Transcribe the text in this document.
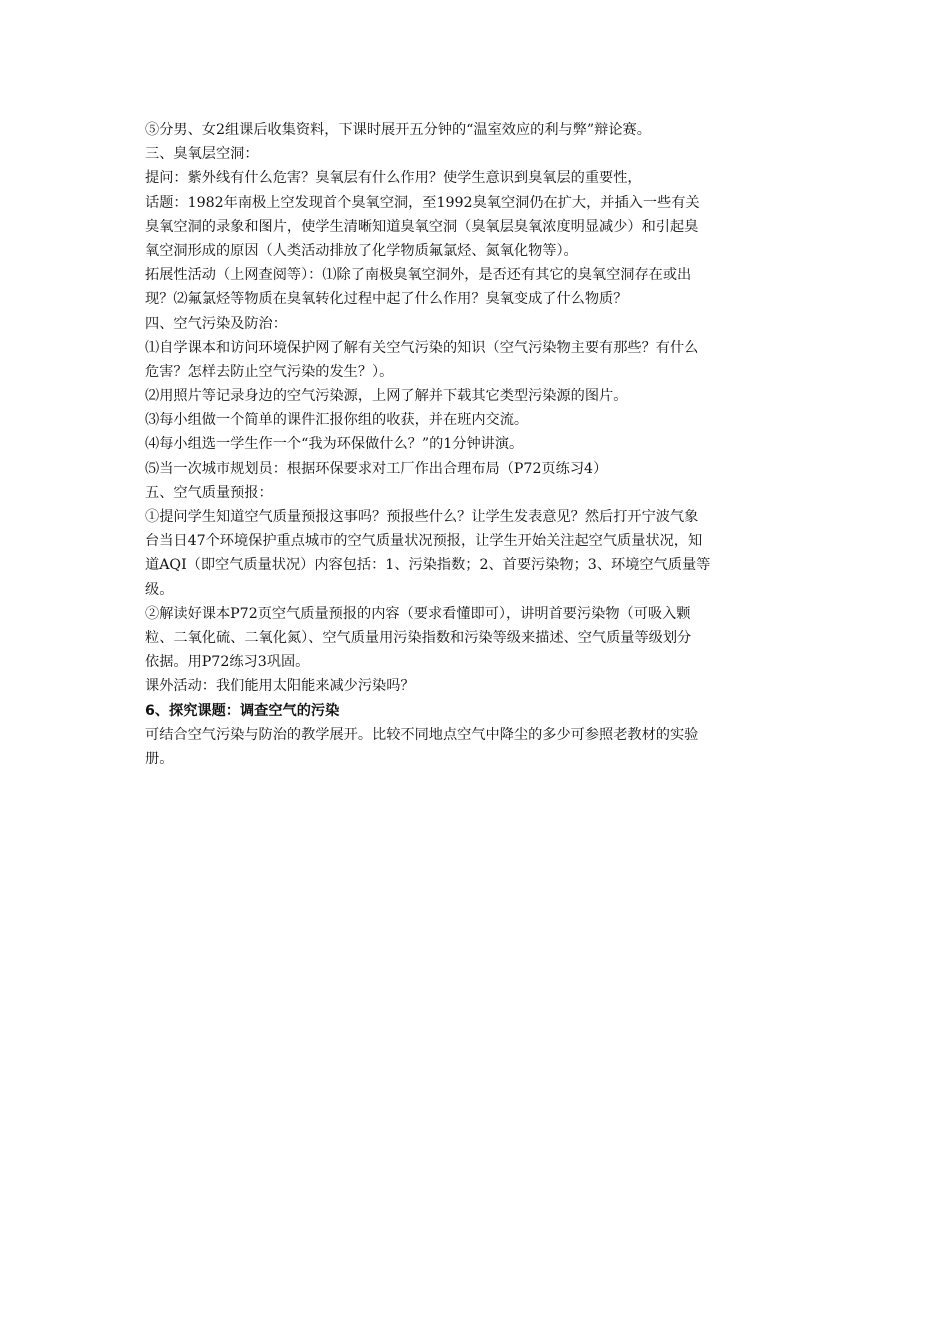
⑤分男、女2组课后收集资料，下课时展开五分钟的“温室效应的利与弊”辩论赛。
三、臭氧层空洞：
提问：紫外线有什么危害？臭氧层有什么作用？使学生意识到臭氧层的重要性，
话题：1982年南极上空发现首个臭氧空洞，至1992臭氧空洞仍在扩大，并插入一些有关
臭氧空洞的录象和图片，使学生清晰知道臭氧空洞（臭氧层臭氧浓度明显减少）和引起臭
氧空洞形成的原因（人类活动排放了化学物质氟氯烃、氮氧化物等）。
拓展性活动（上网查阅等）：⑴除了南极臭氧空洞外，是否还有其它的臭氧空洞存在或出
现？⑵氟氯烃等物质在臭氧转化过程中起了什么作用？臭氧变成了什么物质？
四、空气污染及防治：
⑴自学课本和访问环境保护网了解有关空气污染的知识（空气污染物主要有那些？有什么
危害？怎样去防止空气污染的发生？）。
⑵用照片等记录身边的空气污染源，上网了解并下载其它类型污染源的图片。
⑶每小组做一个简单的课件汇报你组的收获，并在班内交流。
⑷每小组选一学生作一个“我为环保做什么？”的1分钟讲演。
⑸当一次城市规划员：根据环保要求对工厂作出合理布局（P72页练习4）
五、空气质量预报：
①提问学生知道空气质量预报这事吗？预报些什么？让学生发表意见？然后打开宁波气象
台当日47个环境保护重点城市的空气质量状况预报，让学生开始关注起空气质量状况，知
道AQI（即空气质量状况）内容包括：1、污染指数；2、首要污染物；3、环境空气质量等
级。
②解读好课本P72页空气质量预报的内容（要求看懂即可），讲明首要污染物（可吸入颗
粒、二氧化硫、二氧化氮）、空气质量用污染指数和污染等级来描述、空气质量等级划分
依据。用P72练习3巩固。
课外活动：我们能用太阳能来减少污染吗？
6、探究课题：调查空气的污染
可结合空气污染与防治的教学展开。比较不同地点空气中降尘的多少可参照老教材的实验
册。
